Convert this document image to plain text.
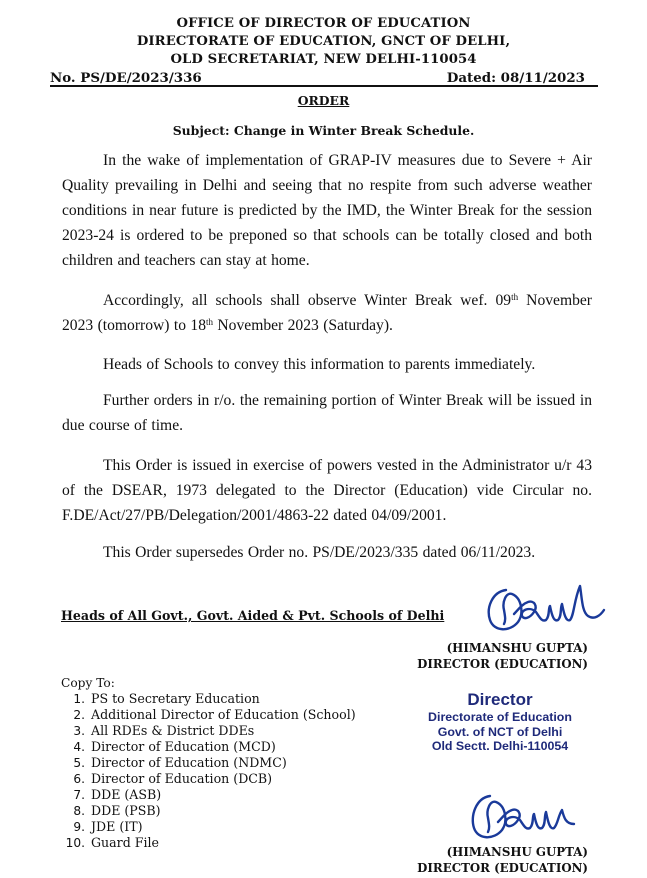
OFFICE OF DIRECTOR OF EDUCATION
DIRECTORATE OF EDUCATION, GNCT OF DELHI,
OLD SECRETARIAT, NEW DELHI-110054
No. PS/DE/2023/336	Dated: 08/11/2023
ORDER
Subject: Change in Winter Break Schedule.
In the wake of implementation of GRAP-IV measures due to Severe + Air Quality prevailing in Delhi and seeing that no respite from such adverse weather conditions in near future is predicted by the IMD, the Winter Break for the session 2023-24 is ordered to be preponed so that schools can be totally closed and both children and teachers can stay at home.
Accordingly, all schools shall observe Winter Break wef. 09th November 2023 (tomorrow) to 18th November 2023 (Saturday).
Heads of Schools to convey this information to parents immediately.
Further orders in r/o. the remaining portion of Winter Break will be issued in due course of time.
This Order is issued in exercise of powers vested in the Administrator u/r 43 of the DSEAR, 1973 delegated to the Director (Education) vide Circular no. F.DE/Act/27/PB/Delegation/2001/4863-22 dated 04/09/2001.
This Order supersedes Order no. PS/DE/2023/335 dated 06/11/2023.
Heads of All Govt., Govt. Aided & Pvt. Schools of Delhi
(HIMANSHU GUPTA)
DIRECTOR (EDUCATION)
Copy To:
1. PS to Secretary Education
2. Additional Director of Education (School)
3. All RDEs & District DDEs
4. Director of Education (MCD)
5. Director of Education (NDMC)
6. Director of Education (DCB)
7. DDE (ASB)
8. DDE (PSB)
9. JDE (IT)
10. Guard File
Director
Directorate of Education
Govt. of NCT of Delhi
Old Sectt. Delhi-110054
(HIMANSHU GUPTA)
DIRECTOR (EDUCATION)
